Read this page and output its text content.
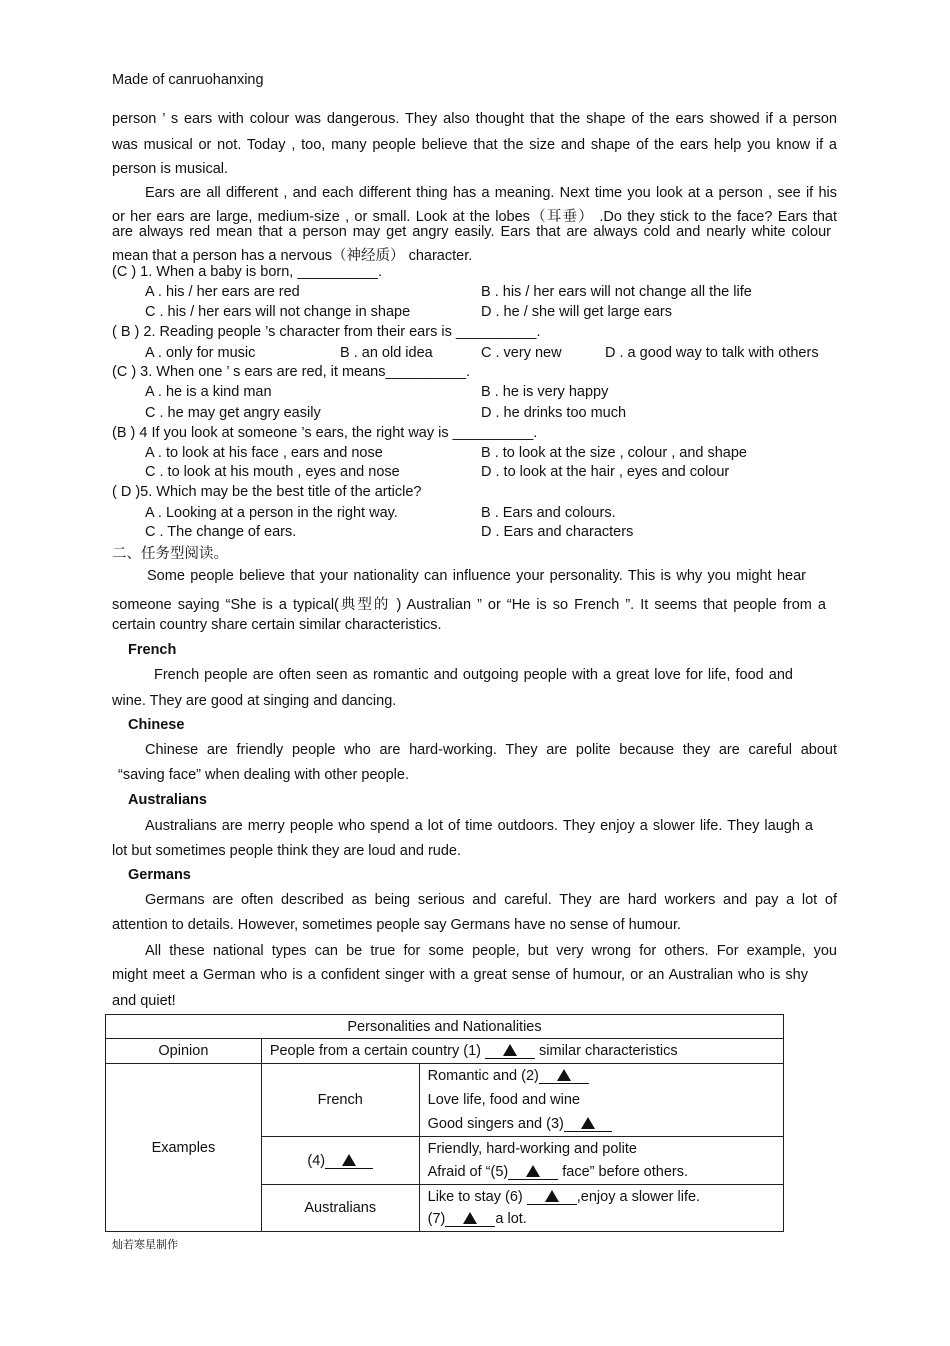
Made of canruohanxing
person ’ s ears with colour was dangerous. They also thought that the shape of the ears showed if a person
was musical or not. Today , too, many people believe that the size and shape of the ears help you know if a
person is musical.
Ears are all different , and each different thing has a meaning. Next time you look at a person , see if his
or her ears are large, medium-size , or small. Look at the lobes（耳垂） .Do they stick to the face? Ears that
are always red mean that a person may get angry easily. Ears that are always cold and nearly white colour
mean that a person has a nervous（神经质） character.
(C ) 1. When a baby is born, __________.
A . his / her ears are red	B . his / her ears will not change all the life
C . his / her ears will not change in shape	D . he / she will get large ears
( B ) 2. Reading people ’s character from their ears is __________.
A . only for music	B . an old idea	C . very new	D . a good way to talk with others
(C ) 3. When one ’ s ears are red, it means__________.
A . he is a kind man	B . he is very happy
C . he may get angry easily	D . he drinks too much
(B ) 4 If you look at someone ’s ears, the right way is __________.
A . to look at his face , ears and nose	B . to look at the size , colour , and shape
C . to look at his mouth , eyes and nose	D . to look at the hair , eyes and colour
( D )5. Which may be the best title of the article?
A . Looking at a person in the right way.	B . Ears and colours.
C . The change of ears.	D . Ears and characters
二、任务型阅读。
Some people believe that your nationality can influence your personality. This is why you might hear
someone saying “She is a typical(典型的 ) Australian ” or “He is so French ”. It seems that people from a
certain country share certain similar characteristics.
French
French people are often seen as romantic and outgoing people with a great love for life, food and
wine. They are good at singing and dancing.
Chinese
Chinese are friendly people who are hard-working. They are polite because they are careful about
“saving face” when dealing with other people.
Australians
Australians are merry people who spend a lot of time outdoors. They enjoy a slower life. They laugh a
lot but sometimes people think they are loud and rude.
Germans
Germans are often described as being serious and careful. They are hard workers and pay a lot of
attention to details. However, sometimes people say Germans have no sense of humour.
All these national types can be true for some people, but very wrong for others. For example, you
might meet a German who is a confident singer with a great sense of humour, or an Australian who is shy
and quiet!
Personalities and Nationalities		
Opinion	People from a certain country (1) similar characteristics	
Examples	French	Romantic and (2)
Love life, food and wine
Good singers and (3)

	(4)	Friendly, hard-working and polite
Afraid of “(5) face” before others.

	Australians	Like to stay (6) ,enjoy a slower life.
(7) a lot.
灿若寒星制作
